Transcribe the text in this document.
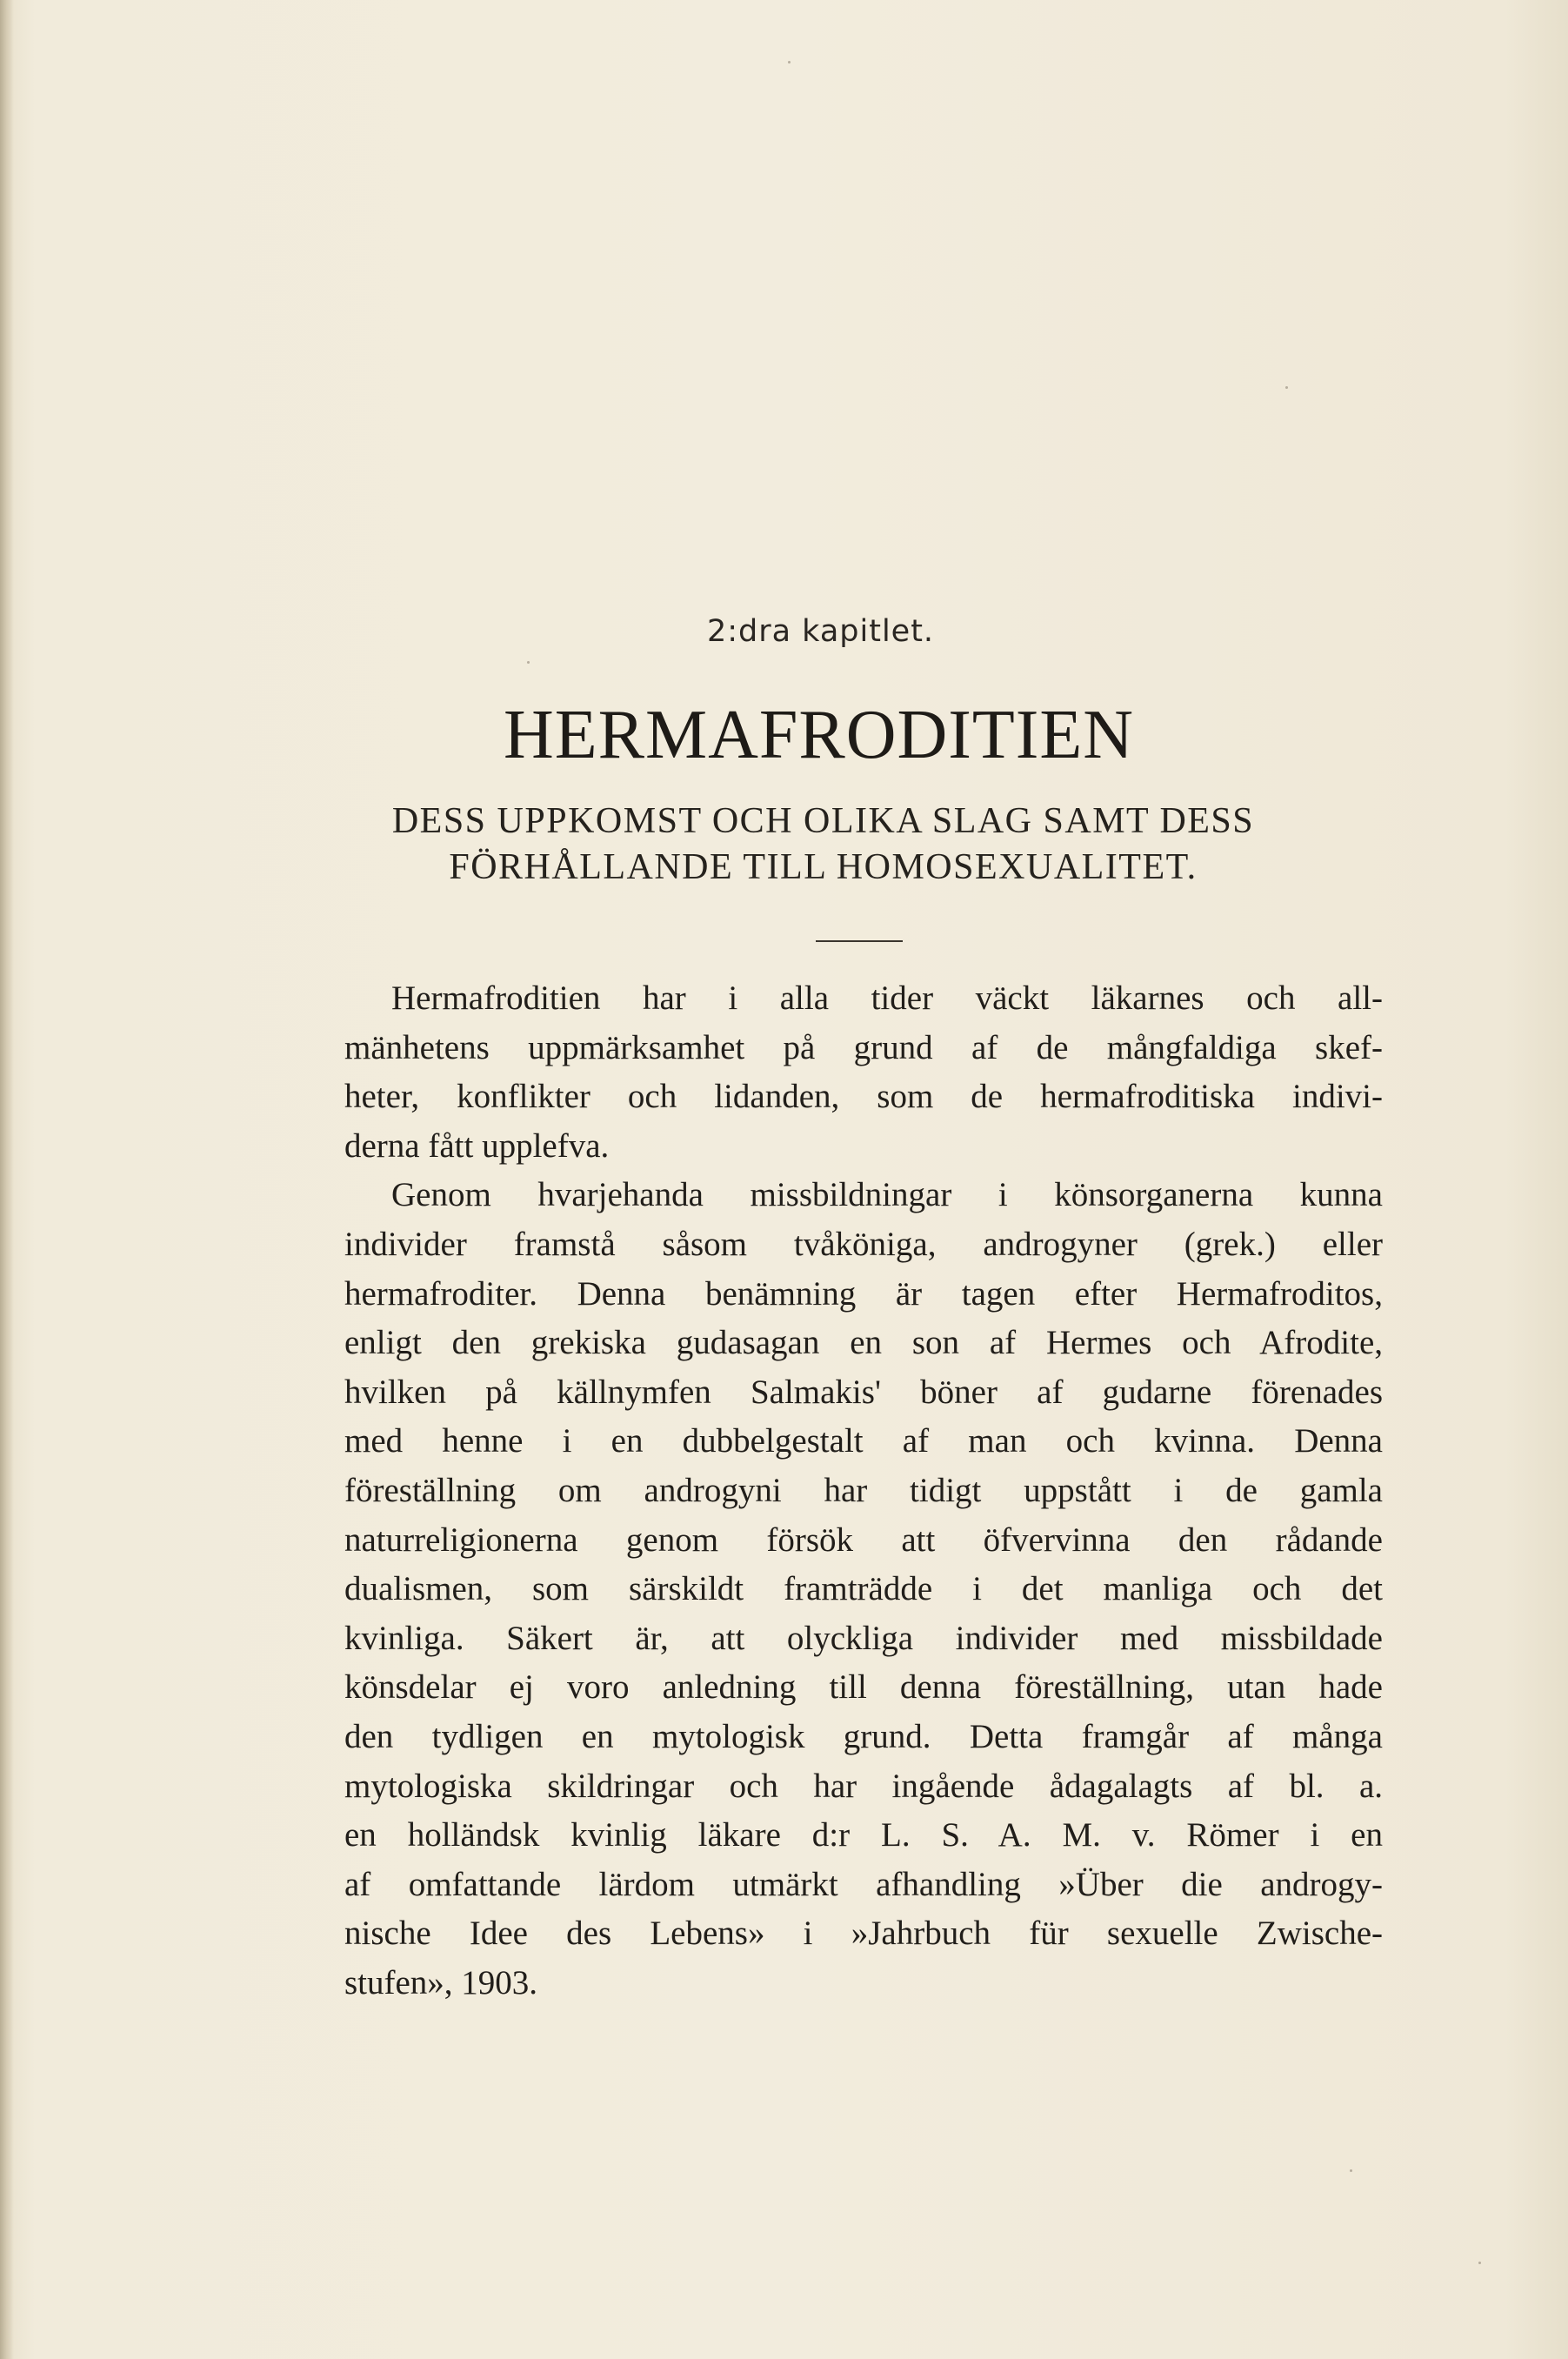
2:dra kapitlet.
HERMAFRODITIEN
DESS UPPKOMST OCH OLIKA SLAG SAMT DESS
FÖRHÅLLANDE TILL HOMOSEXUALITET.
Hermafroditien har i alla tider väckt läkarnes och all-
mänhetens uppmärksamhet på grund af de mångfaldiga skef-
heter, konflikter och lidanden, som de hermafroditiska indivi-
derna fått upplefva.
Genom hvarjehanda missbildningar i könsorganerna kunna
individer framstå såsom tvåköniga, androgyner (grek.) eller
hermafroditer. Denna benämning är tagen efter Hermafroditos,
enligt den grekiska gudasagan en son af Hermes och Afrodite,
hvilken på källnymfen Salmakis' böner af gudarne förenades
med henne i en dubbelgestalt af man och kvinna. Denna
föreställning om androgyni har tidigt uppstått i de gamla
naturreligionerna genom försök att öfvervinna den rådande
dualismen, som särskildt framträdde i det manliga och det
kvinliga. Säkert är, att olyckliga individer med missbildade
könsdelar ej voro anledning till denna föreställning, utan hade
den tydligen en mytologisk grund. Detta framgår af många
mytologiska skildringar och har ingående ådagalagts af bl. a.
en holländsk kvinlig läkare d:r L. S. A. M. v. Römer i en
af omfattande lärdom utmärkt afhandling »Über die androgy-
nische Idee des Lebens» i »Jahrbuch für sexuelle Zwische-
stufen», 1903.
